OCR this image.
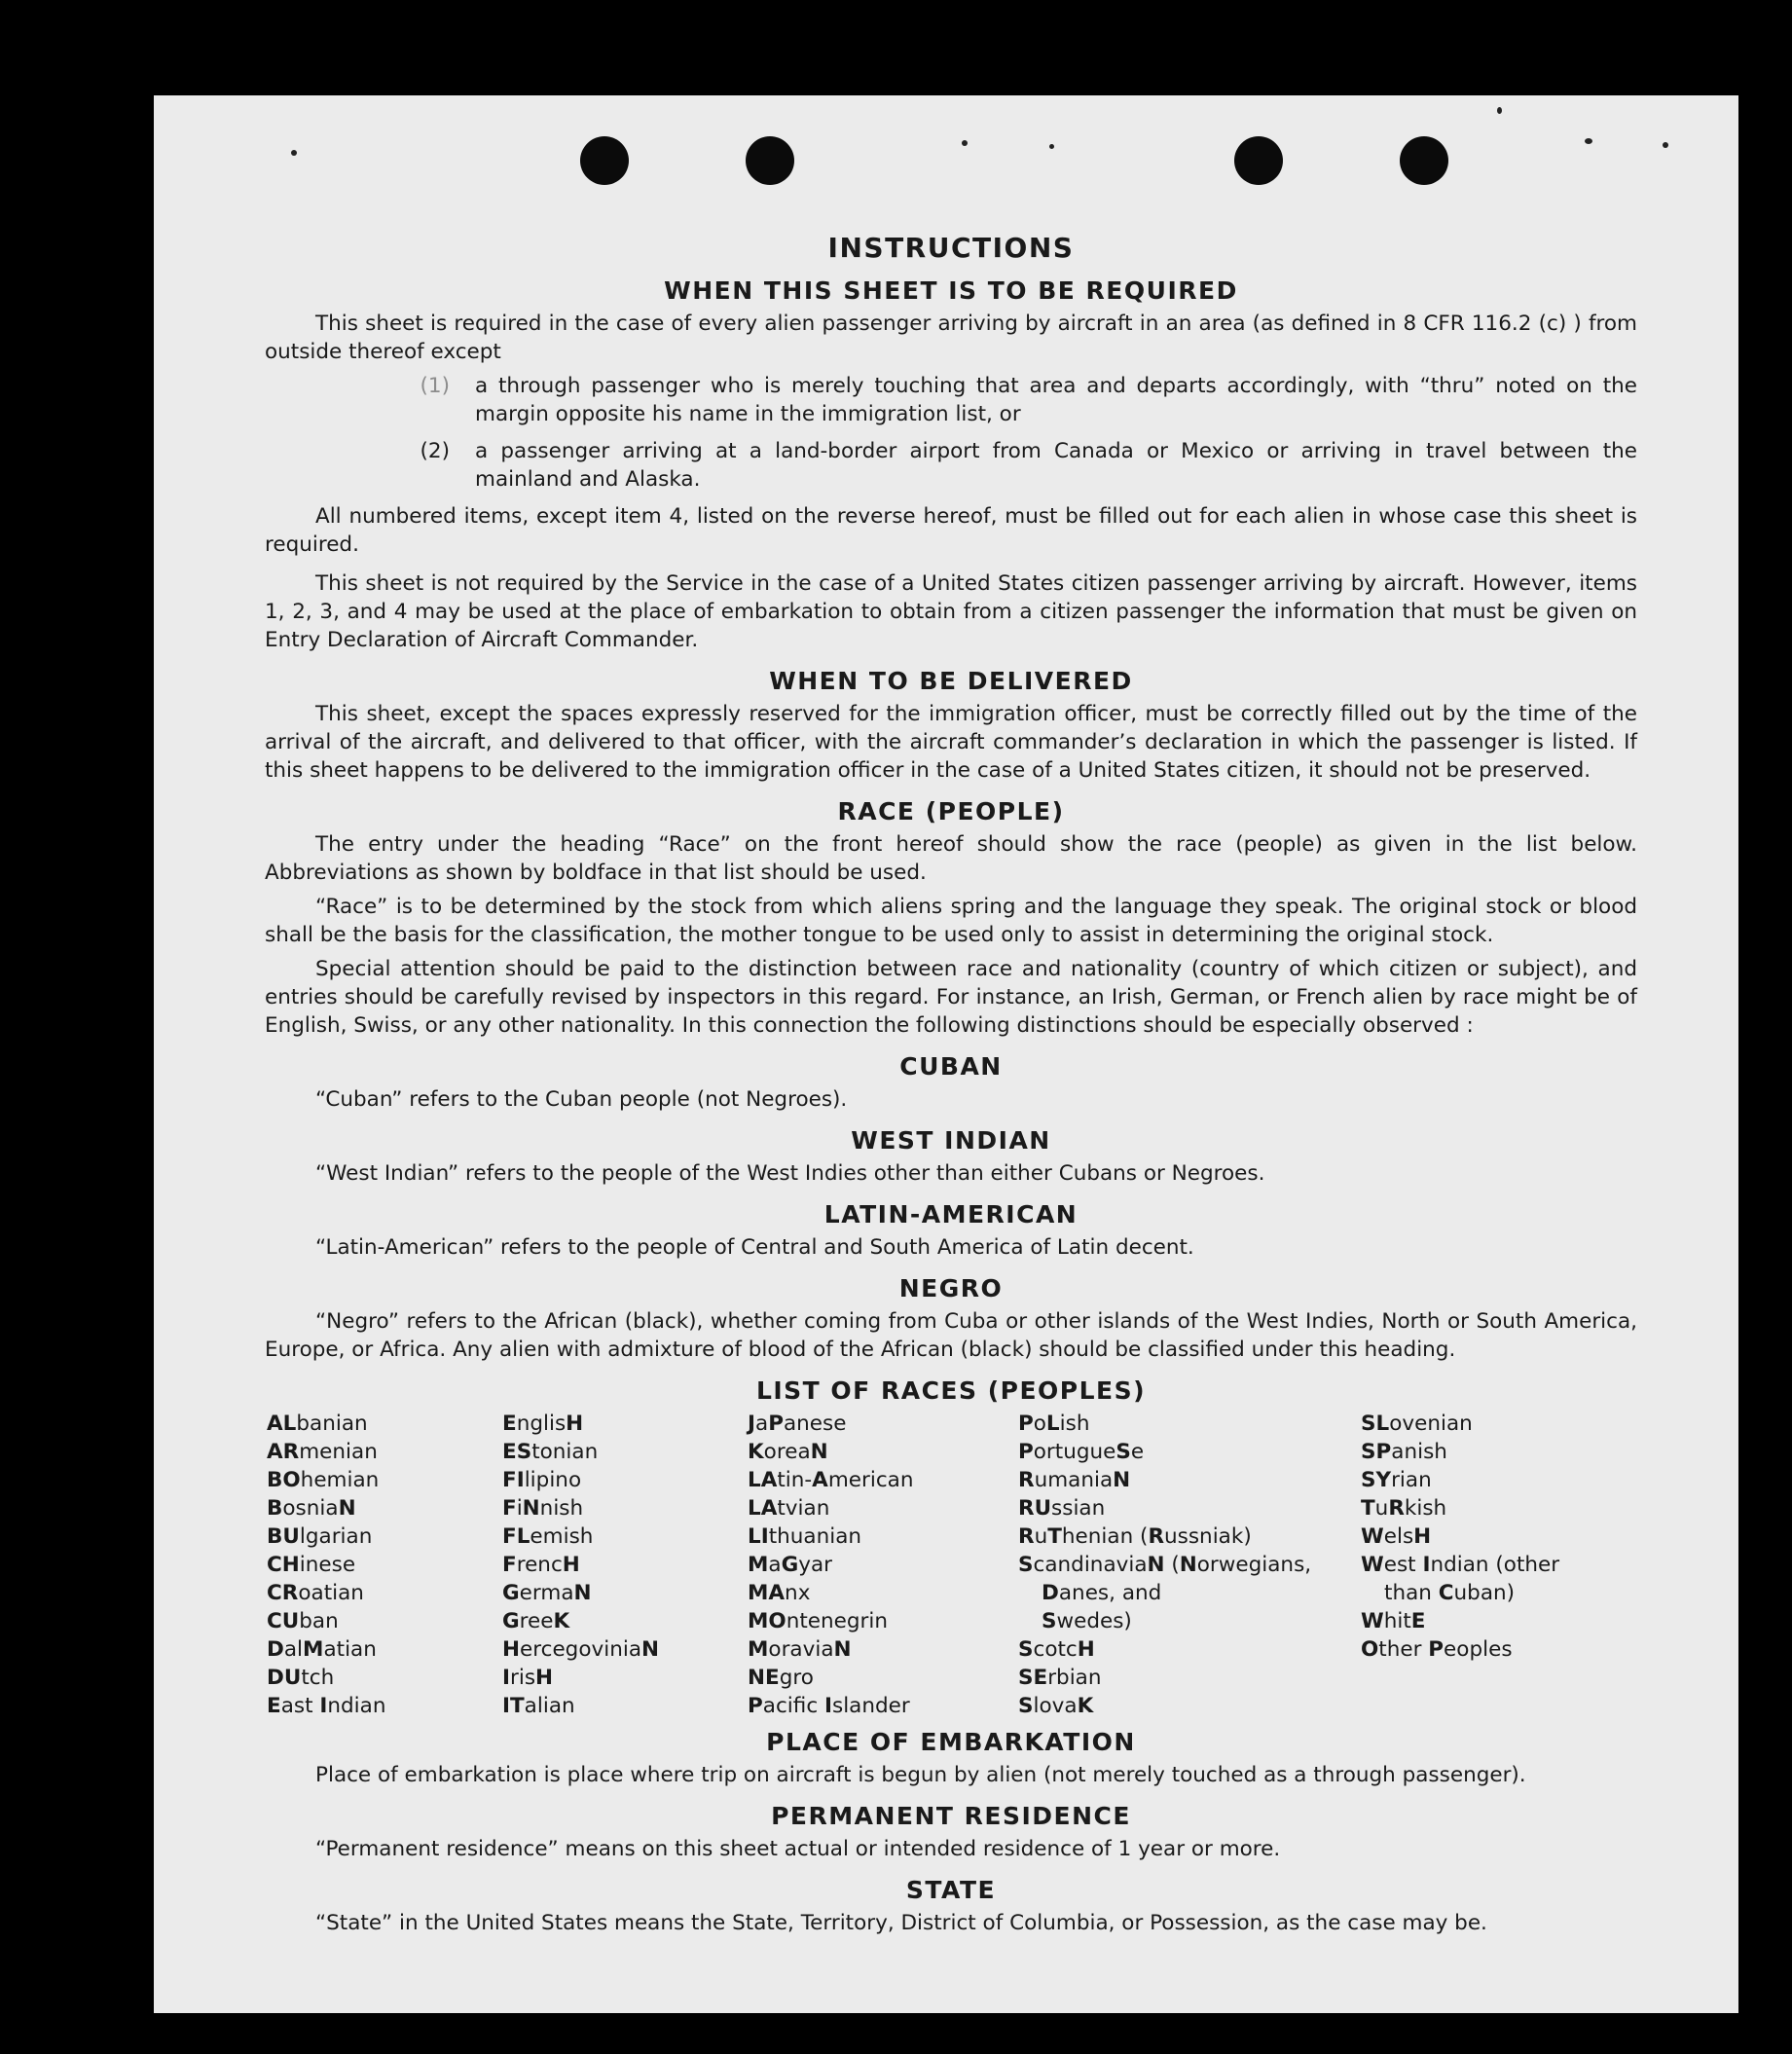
INSTRUCTIONS
WHEN THIS SHEET IS TO BE REQUIRED

This sheet is required in the case of every alien passenger arriving by aircraft in an area (as defined in 8 CFR 116.2 (c) ) from outside thereof except

(1)	a through passenger who is merely touching that area and departs accordingly, with “thru” noted on the margin opposite his name in the immigration list, or
(2)	a passenger arriving at a land-border airport from Canada or Mexico or arriving in travel between the mainland and Alaska.

All numbered items, except item 4, listed on the reverse hereof, must be filled out for each alien in whose case this sheet is required.

This sheet is not required by the Service in the case of a United States citizen passenger arriving by aircraft. However, items 1, 2, 3, and 4 may be used at the place of embarkation to obtain from a citizen passenger the information that must be given on Entry Declaration of Aircraft Commander.

WHEN TO BE DELIVERED

This sheet, except the spaces expressly reserved for the immigration officer, must be correctly filled out by the time of the arrival of the aircraft, and delivered to that officer, with the aircraft commander’s declaration in which the passenger is listed. If this sheet happens to be delivered to the immigration officer in the case of a United States citizen, it should not be preserved.

RACE (PEOPLE)

The entry under the heading “Race” on the front hereof should show the race (people) as given in the list below. Abbreviations as shown by boldface in that list should be used.

“Race” is to be determined by the stock from which aliens spring and the language they speak. The original stock or blood shall be the basis for the classification, the mother tongue to be used only to assist in determining the original stock.

Special attention should be paid to the distinction between race and nationality (country of which citizen or subject), and entries should be carefully revised by inspectors in this regard. For instance, an Irish, German, or French alien by race might be of English, Swiss, or any other nationality. In this connection the following distinctions should be especially observed :

CUBAN

“Cuban” refers to the Cuban people (not Negroes).

WEST INDIAN

“West Indian” refers to the people of the West Indies other than either Cubans or Negroes.

LATIN-AMERICAN

“Latin-American” refers to the people of Central and South America of Latin decent.

NEGRO

“Negro” refers to the African (black), whether coming from Cuba or other islands of the West Indies, North or South America, Europe, or Africa. Any alien with admixture of blood of the African (black) should be classified under this heading.

LIST OF RACES (PEOPLES)
ALbanian
ARmenian
BOhemian
BosniaN
BUlgarian
CHinese
CRoatian
CUban
DalMatian
DUtch
East Indian
EnglisH
EStonian
FIlipino
FiNnish
FLemish
FrencH
GermaN
GreeK
HercegoviniaN
IrisH
ITalian
JaPanese
KoreaN
LAtin-American
LAtvian
LIthuanian
MaGyar
MAnx
MOntenegrin
MoraviaN
NEgro
Pacifc Islander
PoLish
PortugueSe
RumaniaN
RUssian
RuThenian (Russniak)
ScandinaviaN (Norwegians,
Danes, and
Swedes)
ScotcH
SErbian
SlovaK
SLovenian
SPanish
SYrian
TuRkish
WelsH
West Indian (other
than Cuban)
WhitE
Other Peoples
PLACE OF EMBARKATION

Place of embarkation is place where trip on aircraft is begun by alien (not merely touched as a through passenger).

PERMANENT RESIDENCE

“Permanent residence” means on this sheet actual or intended residence of 1 year or more.

STATE

“State” in the United States means the State, Territory, District of Columbia, or Possession, as the case may be.
